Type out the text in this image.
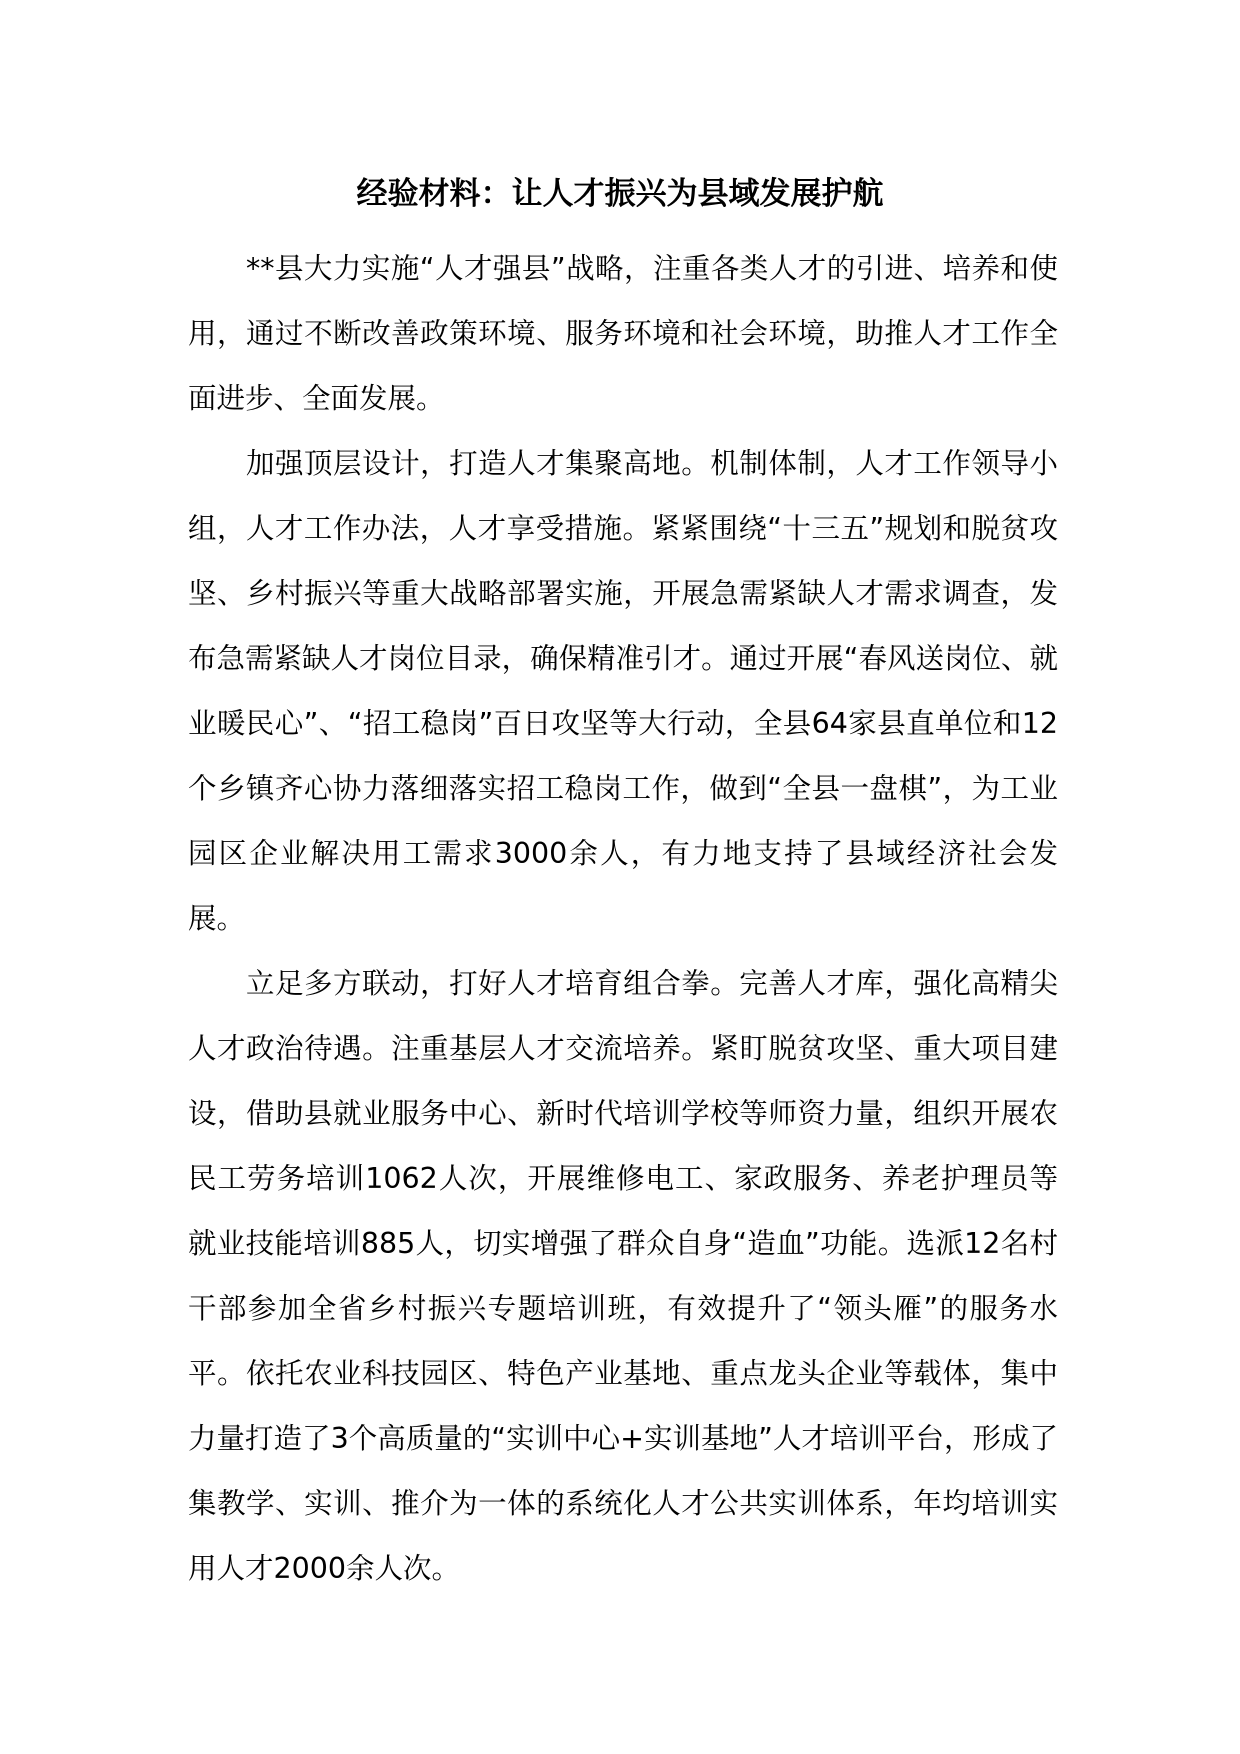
经验材料：让人才振兴为县域发展护航

**县大力实施“人才强县”战略，注重各类人才的引进、培养和使用，通过不断改善政策环境、服务环境和社会环境，助推人才工作全面进步、全面发展。

加强顶层设计，打造人才集聚高地。机制体制，人才工作领导小组，人才工作办法，人才享受措施。紧紧围绕“十三五”规划和脱贫攻坚、乡村振兴等重大战略部署实施，开展急需紧缺人才需求调查，发布急需紧缺人才岗位目录，确保精准引才。通过开展“春风送岗位、就业暖民心”、“招工稳岗”百日攻坚等大行动，全县64家县直单位和12个乡镇齐心协力落细落实招工稳岗工作，做到“全县一盘棋”，为工业园区企业解决用工需求3000余人，有力地支持了县域经济社会发展。

立足多方联动，打好人才培育组合拳。完善人才库，强化高精尖人才政治待遇。注重基层人才交流培养。紧盯脱贫攻坚、重大项目建设，借助县就业服务中心、新时代培训学校等师资力量，组织开展农民工劳务培训1062人次，开展维修电工、家政服务、养老护理员等就业技能培训885人，切实增强了群众自身“造血”功能。选派12名村干部参加全省乡村振兴专题培训班，有效提升了“领头雁”的服务水平。依托农业科技园区、特色产业基地、重点龙头企业等载体，集中力量打造了3个高质量的“实训中心+实训基地”人才培训平台，形成了集教学、实训、推介为一体的系统化人才公共实训体系，年均培训实用人才2000余人次。
